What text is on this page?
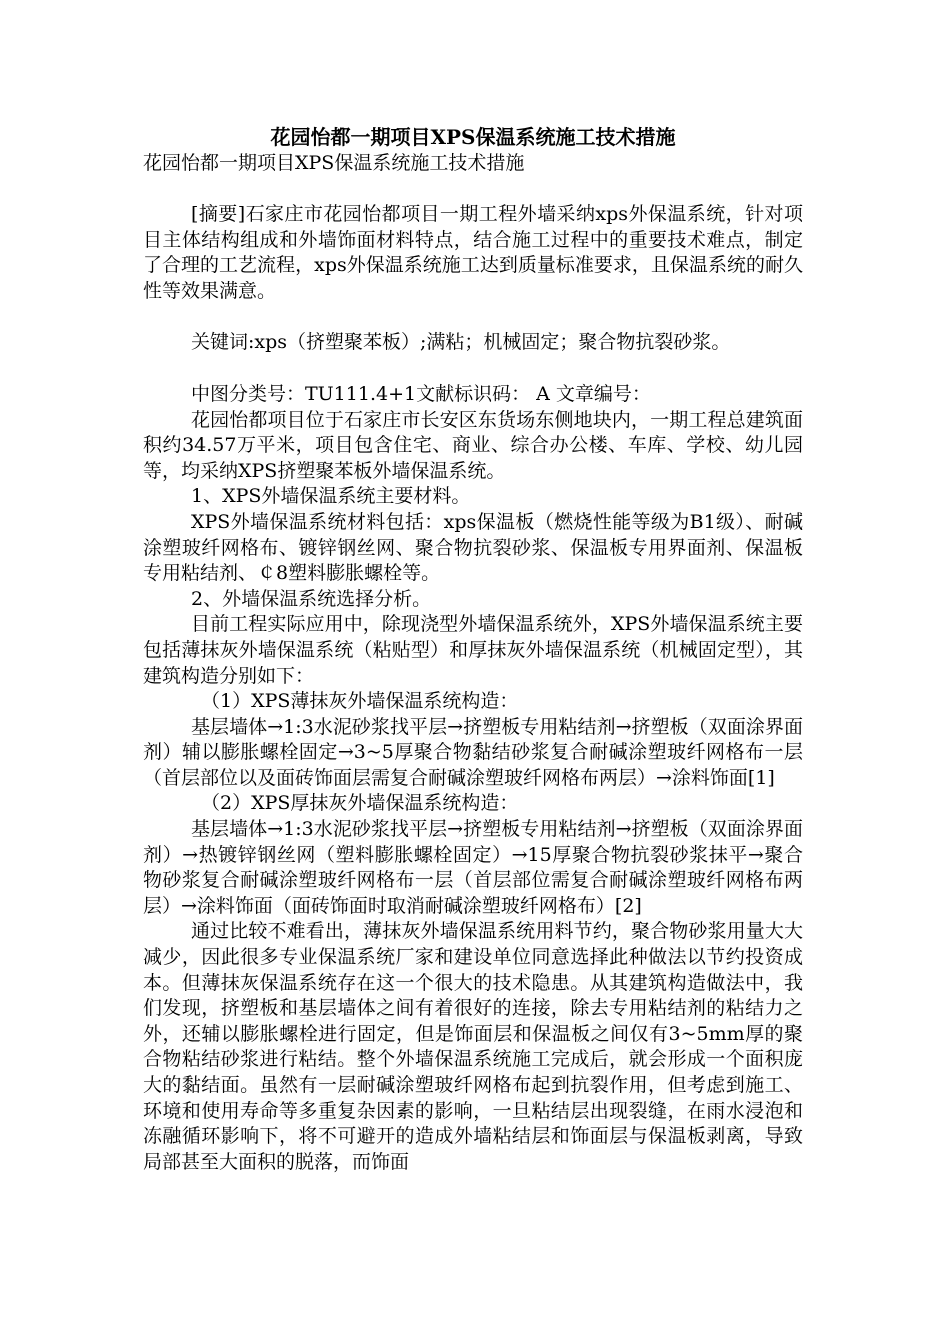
花园怡都一期项目XPS保温系统施工技术措施
花园怡都一期项目XPS保温系统施工技术措施

[摘要]石家庄市花园怡都项目一期工程外墙采纳xps外保温系统，针对项目主体结构组成和外墙饰面材料特点，结合施工过程中的重要技术难点，制定了合理的工艺流程，xps外保温系统施工达到质量标准要求，且保温系统的耐久性等效果满意。

关键词:xps（挤塑聚苯板）;满粘；机械固定；聚合物抗裂砂浆。

中图分类号：TU111.4+1文献标识码： A 文章编号：

花园怡都项目位于石家庄市长安区东货场东侧地块内，一期工程总建筑面积约34.57万平米，项目包含住宅、商业、综合办公楼、车库、学校、幼儿园等，均采纳XPS挤塑聚苯板外墙保温系统。

1、XPS外墙保温系统主要材料。

XPS外墙保温系统材料包括：xps保温板（燃烧性能等级为B1级）、耐碱涂塑玻纤网格布、镀锌钢丝网、聚合物抗裂砂浆、保温板专用界面剂、保温板专用粘结剂、￠8塑料膨胀螺栓等。

2、外墙保温系统选择分析。

目前工程实际应用中，除现浇型外墙保温系统外，XPS外墙保温系统主要包括薄抹灰外墙保温系统（粘贴型）和厚抹灰外墙保温系统（机械固定型），其建筑构造分别如下：

（1）XPS薄抹灰外墙保温系统构造：

基层墙体→1:3水泥砂浆找平层→挤塑板专用粘结剂→挤塑板（双面涂界面剂）辅以膨胀螺栓固定→3~5厚聚合物黏结砂浆复合耐碱涂塑玻纤网格布一层（首层部位以及面砖饰面层需复合耐碱涂塑玻纤网格布两层）→涂料饰面[1]

（2）XPS厚抹灰外墙保温系统构造：

基层墙体→1:3水泥砂浆找平层→挤塑板专用粘结剂→挤塑板（双面涂界面剂）→热镀锌钢丝网（塑料膨胀螺栓固定）→15厚聚合物抗裂砂浆抹平→聚合物砂浆复合耐碱涂塑玻纤网格布一层（首层部位需复合耐碱涂塑玻纤网格布两层）→涂料饰面（面砖饰面时取消耐碱涂塑玻纤网格布）[2]

通过比较不难看出，薄抹灰外墙保温系统用料节约，聚合物砂浆用量大大减少，因此很多专业保温系统厂家和建设单位同意选择此种做法以节约投资成本。但薄抹灰保温系统存在这一个很大的技术隐患。从其建筑构造做法中，我们发现，挤塑板和基层墙体之间有着很好的连接，除去专用粘结剂的粘结力之外，还辅以膨胀螺栓进行固定，但是饰面层和保温板之间仅有3~5mm厚的聚合物粘结砂浆进行粘结。整个外墙保温系统施工完成后，就会形成一个面积庞大的黏结面。虽然有一层耐碱涂塑玻纤网格布起到抗裂作用，但考虑到施工、环境和使用寿命等多重复杂因素的影响，一旦粘结层出现裂缝，在雨水浸泡和冻融循环影响下，将不可避开的造成外墙粘结层和饰面层与保温板剥离，导致局部甚至大面积的脱落，而饰面
